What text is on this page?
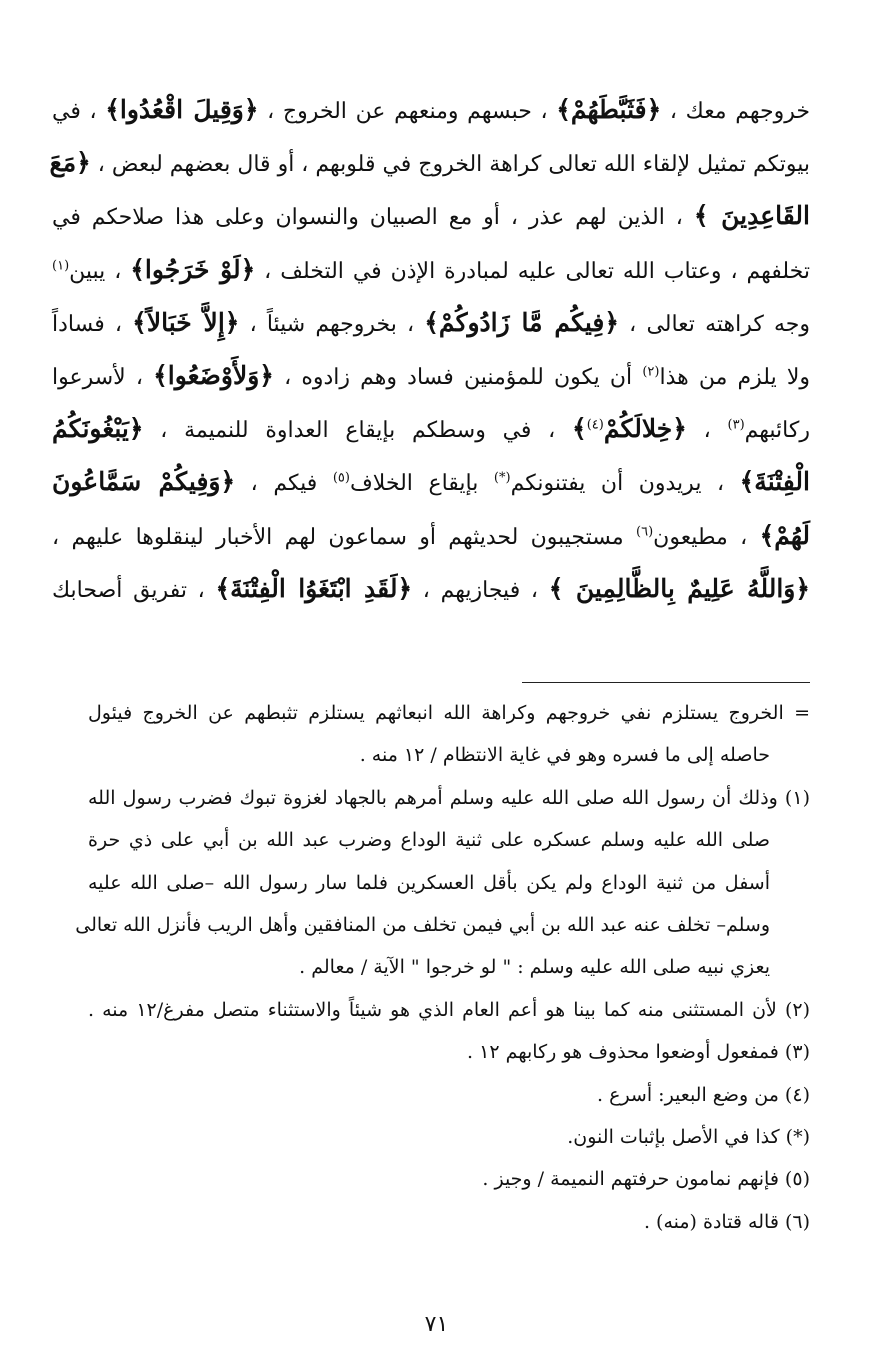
خروجهم معك ، ﴿فَثَبَّطَهُمْ﴾ ، حبسهم ومنعهم عن الخروج ، ﴿وَقِيلَ اقْعُدُوا﴾ ، في

بيوتكم تمثيل لإلقاء الله تعالى كراهة الخروج في قلوبهم ، أو قال بعضهم لبعض ، ﴿مَعَ

القَاعِدِينَ ﴾ ، الذين لهم عذر ، أو مع الصبيان والنسوان وعلى هذا صلاحكم في

تخلفهم ، وعتاب الله تعالى عليه لمبادرة الإذن في التخلف ، ﴿لَوْ خَرَجُوا﴾ ، يبين$^{(١)}$

وجه كراهته تعالى ، ﴿فِيكُم مَّا زَادُوكُمْ﴾ ، بخروجهم شيئاً ، ﴿إِلاَّ خَبَالاً﴾ ، فساداً

ولا يلزم من هذا$^{(٢)}$ أن يكون للمؤمنين فساد وهم زادوه ، ﴿وَلأَوْضَعُوا﴾ ، لأسرعوا

ركائبهم$^{(٣)}$ ، ﴿خِلالَكُمْ$^{(٤)}$﴾ ، في وسطكم بإيقاع العداوة للنميمة ، ﴿يَبْغُونَكُمُ

الْفِتْنَةَ﴾ ، يريدون أن يفتنونكم(*) بإيقاع الخلاف$^{(٥)}$ فيكم ، ﴿وَفِيكُمْ سَمَّاعُونَ

لَهُمْ﴾ ، مطيعون$^{(٦)}$ مستجيبون لحديثهم أو سماعون لهم الأخبار لينقلوها عليهم ،

﴿وَاللَّهُ عَلِيمٌ بِالظَّالِمِينَ ﴾ ، فيجازيهم ، ﴿لَقَدِ ابْتَغَوُا الْفِتْنَةَ﴾ ، تفريق أصحابك

= الخروج يستلزم نفي خروجهم وكراهة الله انبعاثهم يستلزم تثبطهم عن الخروج فيئول

حاصله إلى ما فسره وهو في غاية الانتظام / ١٢ منه .

(١) وذلك أن رسول الله صلى الله عليه وسلم أمرهم بالجهاد لغزوة تبوك فضرب رسول الله

صلى الله عليه وسلم عسكره على ثنية الوداع وضرب عبد الله بن أبي على ذي حرة

أسفل من ثنية الوداع ولم يكن بأقل العسكرين فلما سار رسول الله –صلى الله عليه

وسلم– تخلف عنه عبد الله بن أبي فيمن تخلف من المنافقين وأهل الريب فأنزل الله تعالى

يعزي نبيه صلى الله عليه وسلم : " لو خرجوا " الآية / معالم .

(٢) لأن المستثنى منه كما بينا هو أعم العام الذي هو شيئاً والاستثناء متصل مفرغ/١٢ منه .

(٣) فمفعول أوضعوا محذوف هو ركابهم ١٢ .

(٤) من وضع البعير: أسرع .

(*) كذا في الأصل بإثبات النون.

(٥) فإنهم نمامون حرفتهم النميمة / وجيز .

(٦) قاله قتادة (منه) .

٧١
